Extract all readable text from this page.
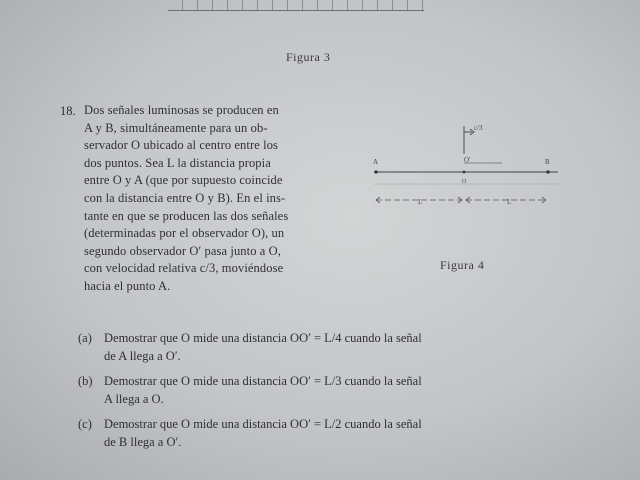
Figura 3
18. Dos señales luminosas se producen en
A y B, simultáneamente para un ob-
servador O ubicado al centro entre los
dos puntos. Sea L la distancia propia
entre O y A (que por supuesto coincide
con la distancia entre O y B). En el ins-
tante en que se producen las dos señales
(determinadas por el observador O), un
segundo observador O′ pasa junto a O,
con velocidad relativa c/3, moviéndose
hacia el punto A.
c/3
O′
A	B
O
L	L
Figura 4
(a) Demostrar que O mide una distancia OO′ = L/4 cuando la señal
de A llega a O′.
(b) Demostrar que O mide una distancia OO′ = L/3 cuando la señal
A llega a O.
(c) Demostrar que O mide una distancia OO′ = L/2 cuando la señal
de B llega a O′.
